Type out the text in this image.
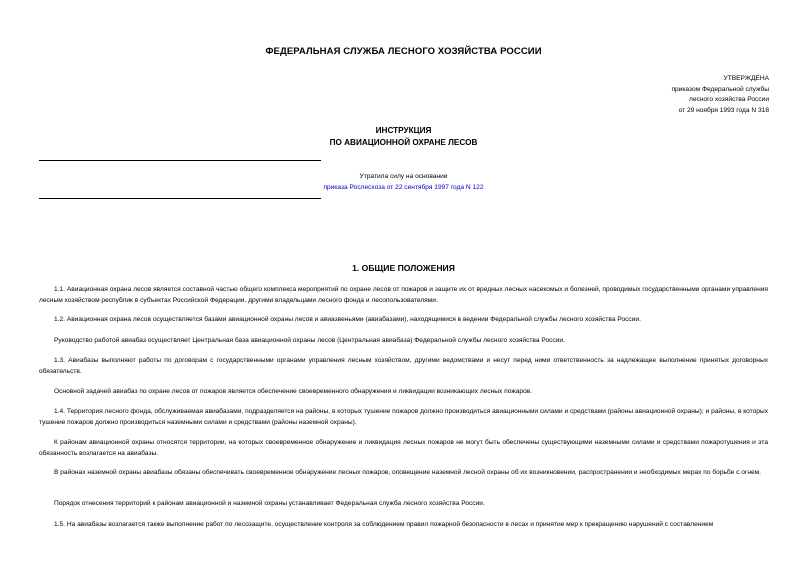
ФЕДЕРАЛЬНАЯ СЛУЖБА ЛЕСНОГО ХОЗЯЙСТВА РОССИИ
УТВЕРЖДЕНА
приказом Федеральной службы
лесного хозяйства России
от 29 ноября 1993 года N 318
ИНСТРУКЦИЯ
ПО АВИАЦИОННОЙ ОХРАНЕ ЛЕСОВ
Утратила силу на основании
приказа Рослесхоза от 22 сентября 1997 года N 122
1. ОБЩИЕ ПОЛОЖЕНИЯ

1.1. Авиационная охрана лесов является составной частью общего комплекса мероприятий по охране лесов от пожаров и защите их от вредных лесных насекомых и болезней, проводимых государственными органами управления лесным хозяйством республик в субъектах Российской Федерации, другими владельцами лесного фонда и лесопользователями.

1.2. Авиационная охрана лесов осуществляется базами авиационной охраны лесов и авиазвеньями (авиабазами), находящимися в ведении Федеральной службы лесного хозяйства России.

Руководство работой авиабаз осуществляет Центральная база авиационной охраны лесов (Центральная авиабаза) Федеральной службы лесного хозяйства России.

1.3. Авиабазы выполняют работы по договорам с государственными органами управления лесным хозяйством, другими ведомствами и несут перед ними ответственность за надлежащее выполнение принятых договорных обязательств.

Основной задачей авиабаз по охране лесов от пожаров является обеспечение своевременного обнаружения и ликвидации возникающих лесных пожаров.

1.4. Территория лесного фонда, обслуживаемая авиабазами, подразделяется на районы, в которых тушение пожаров должно производиться авиационными силами и средствами (районы авиационной охраны); и районы, в которых тушение пожаров должно производиться наземными силами и средствами (районы наземной охраны).

К районам авиационной охраны относятся территории, на которых своевременное обнаружение и ликвидация лесных пожаров не могут быть обеспечены существующими наземными силами и средствами пожаротушения и эта обязанность возлагается на авиабазы.

В районах наземной охраны авиабазы обязаны обеспечивать своевременное обнаружение лесных пожаров, оповещение наземной лесной охраны об их возникновении, распространении и необходимых мерах по борьбе с огнем.

Порядок отнесения территорий к районам авиационной и наземной охраны устанавливает Федеральная служба лесного хозяйства России.

1.5. На авиабазы возлагается также выполнение работ по лесозащите, осуществление контроля за соблюдением правил пожарной безопасности в лесах и принятие мер к прекращению нарушений с составлением
